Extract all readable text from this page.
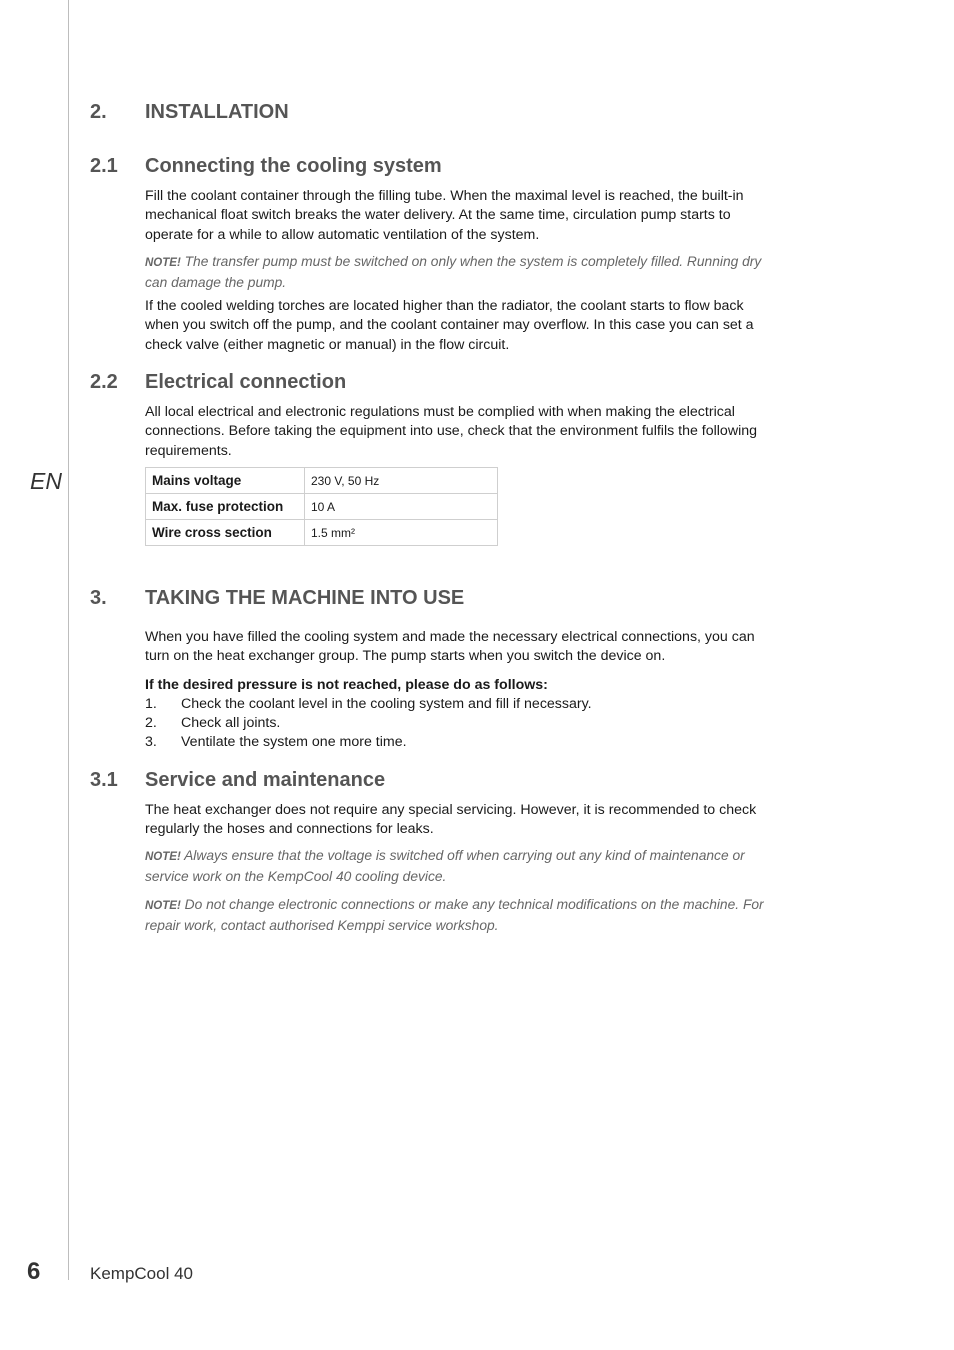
EN
2. INSTALLATION
2.1 Connecting the cooling system

Fill the coolant container through the filling tube. When the maximal level is reached, the built-in mechanical float switch breaks the water delivery. At the same time, circulation pump starts to operate for a while to allow automatic ventilation of the system.

NOTE! The transfer pump must be switched on only when the system is completely filled. Running dry can damage the pump.

If the cooled welding torches are located higher than the radiator, the coolant starts to flow back when you switch off the pump, and the coolant container may overflow. In this case you can set a check valve (either magnetic or manual) in the flow circuit.

2.2 Electrical connection

All local electrical and electronic regulations must be complied with when making the electrical connections. Before taking the equipment into use, check that the environment fulfils the following requirements.

Mains voltage	230 V, 50 Hz
Max. fuse protection	10 A
Wire cross section	1.5 mm²
3. TAKING THE MACHINE INTO USE

When you have filled the cooling system and made the necessary electrical connections, you can turn on the heat exchanger group. The pump starts when you switch the device on.

If the desired pressure is not reached, please do as follows:
1. Check the coolant level in the cooling system and fill if necessary.
2. Check all joints.
3. Ventilate the system one more time.
3.1 Service and maintenance

The heat exchanger does not require any special servicing. However, it is recommended to check regularly the hoses and connections for leaks.

NOTE! Always ensure that the voltage is switched off when carrying out any kind of maintenance or service work on the KempCool 40 cooling device.

NOTE! Do not change electronic connections or make any technical modifications on the machine. For repair work, contact authorised Kemppi service workshop.

6	KempCool 40
